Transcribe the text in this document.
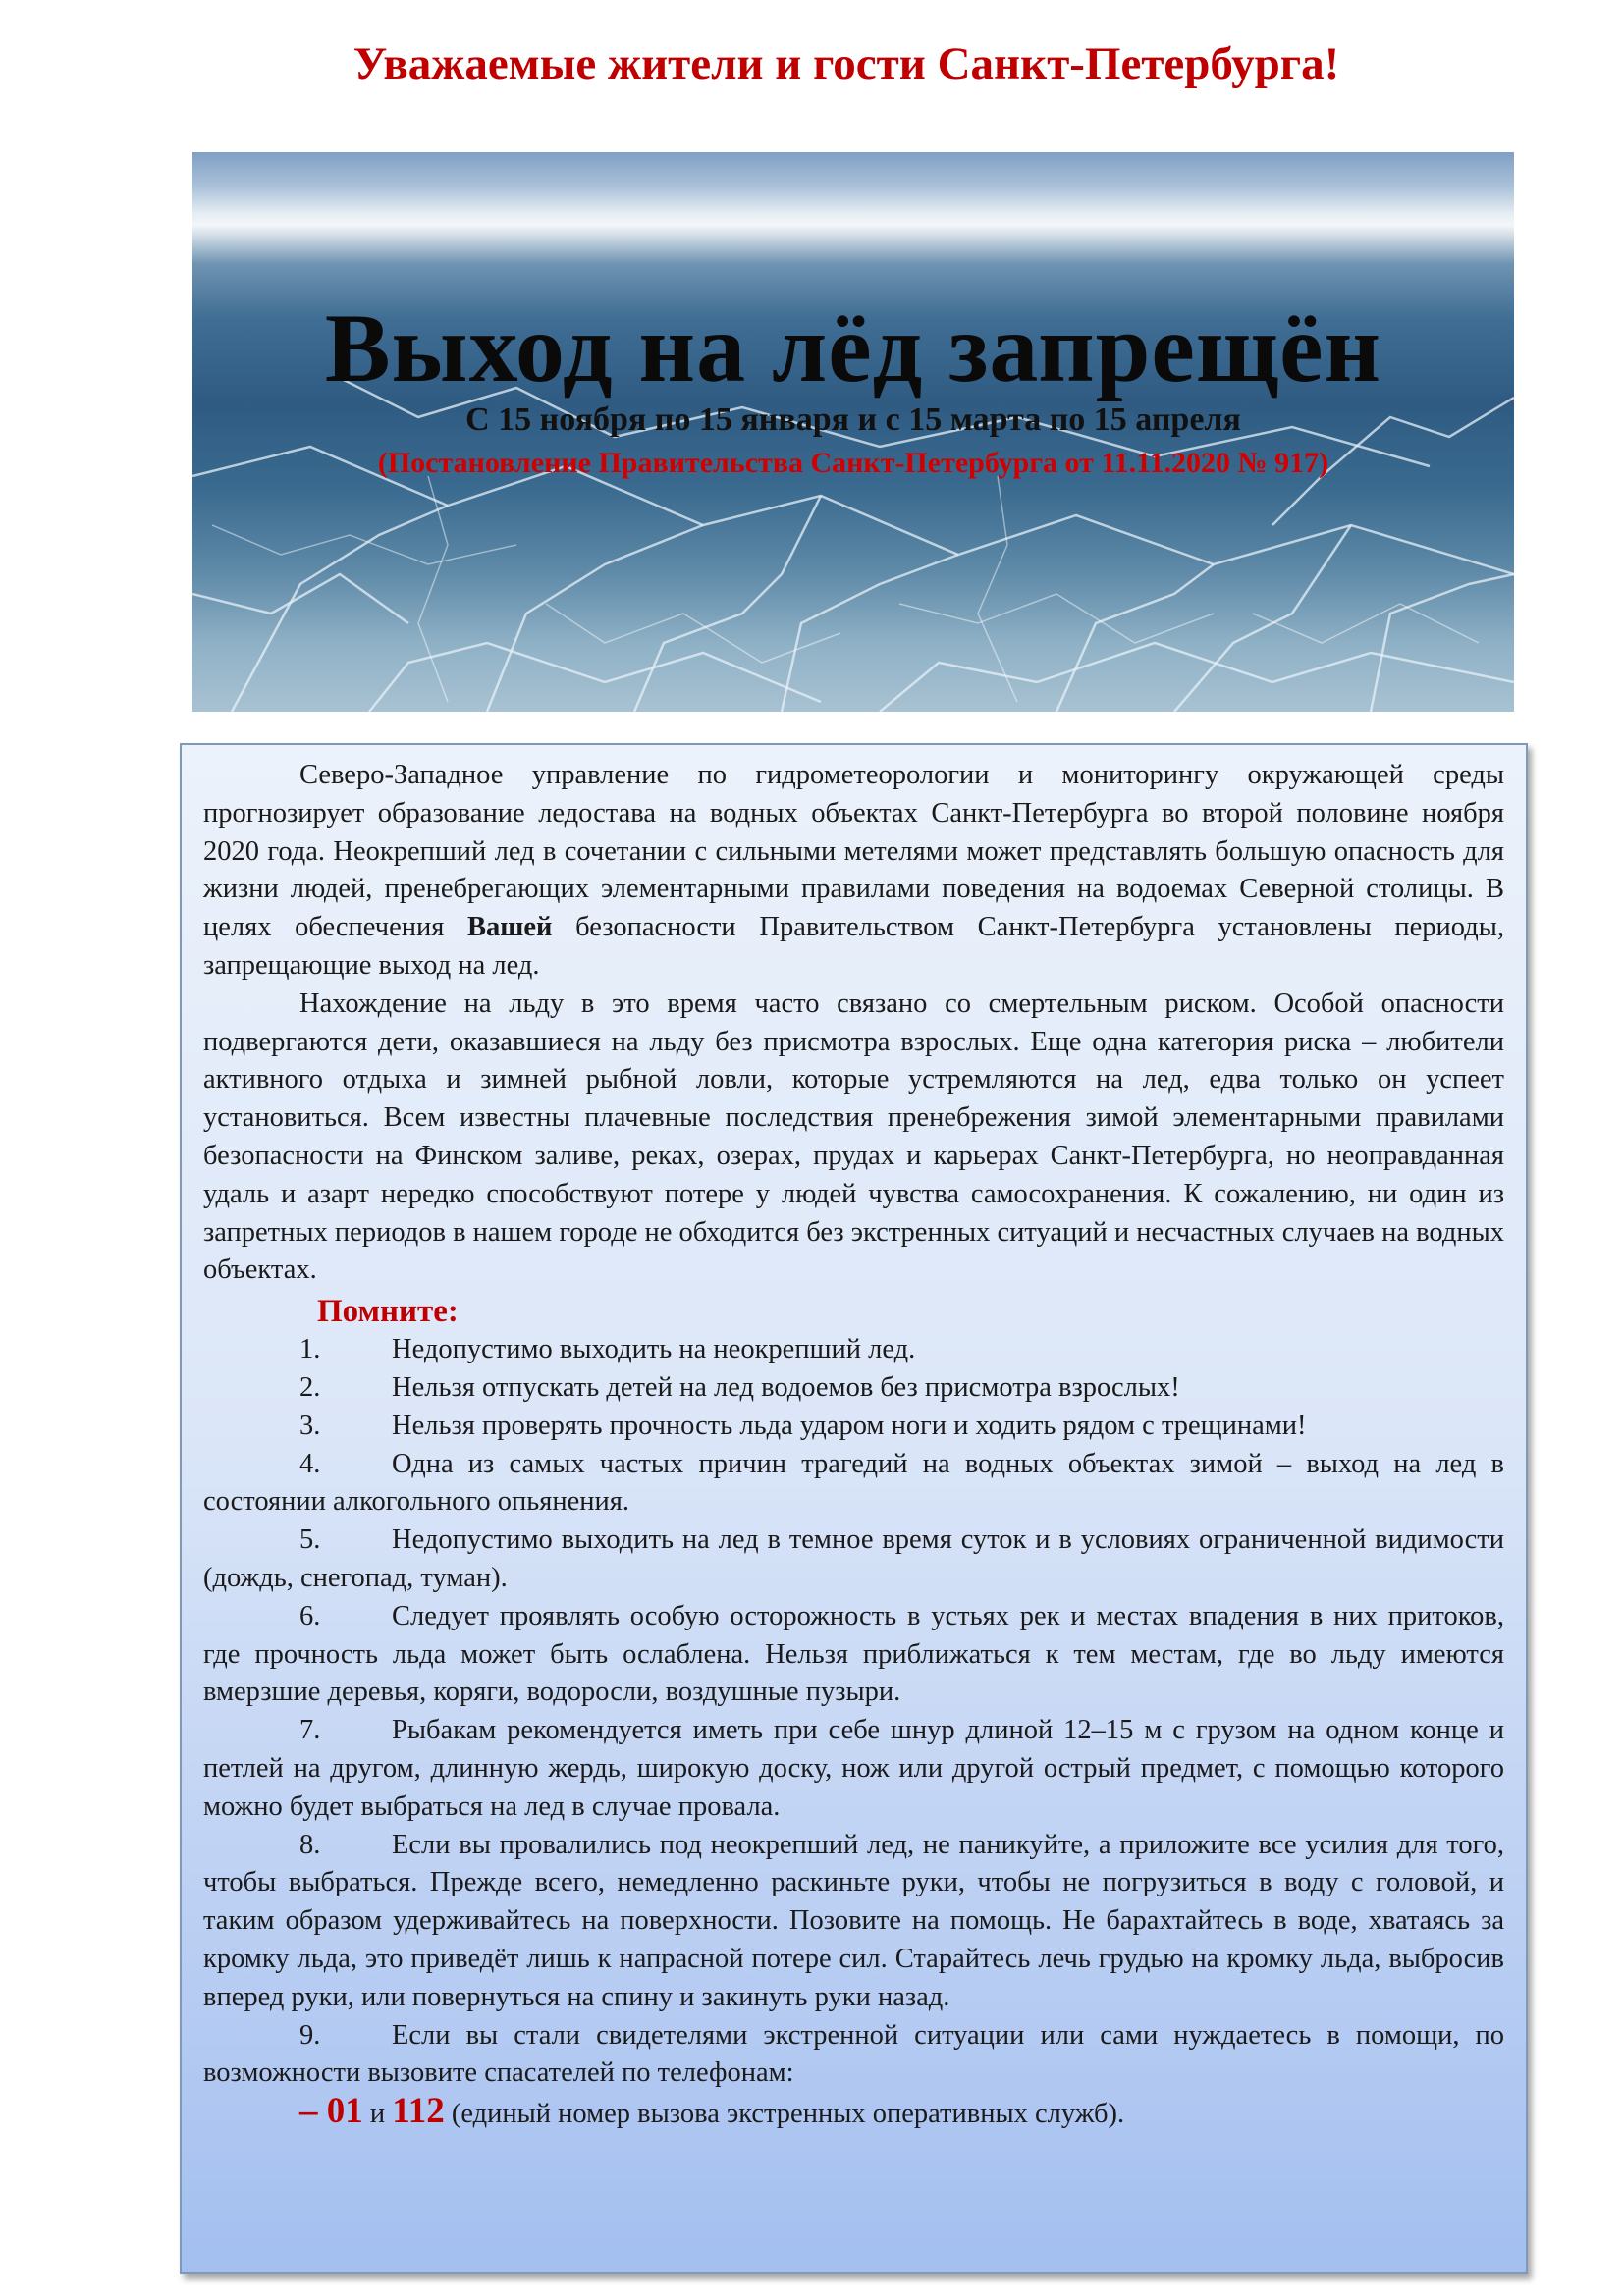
Уважаемые жители и гости Санкт-Петербурга!
Выход на лёд запрещён
С 15 ноября по 15 января и с 15 марта по 15 апреля
(Постановление Правительства Санкт-Петербурга от 11.11.2020 № 917)

Северо-Западное управление по гидрометеорологии и мониторингу окружающей среды прогнозирует образование ледостава на водных объектах Санкт-Петербурга во второй половине ноября 2020 года. Неокрепший лед в сочетании с сильными метелями может представлять большую опасность для жизни людей, пренебрегающих элементарными правилами поведения на водоемах Северной столицы. В целях обеспечения Вашей безопасности Правительством Санкт-Петербурга установлены периоды, запрещающие выход на лед.

Нахождение на льду в это время часто связано со смертельным риском. Особой опасности подвергаются дети, оказавшиеся на льду без присмотра взрослых. Еще одна категория риска – любители активного отдыха и зимней рыбной ловли, которые устремляются на лед, едва только он успеет установиться. Всем известны плачевные последствия пренебрежения зимой элементарными правилами безопасности на Финском заливе, реках, озерах, прудах и карьерах Санкт-Петербурга, но неоправданная удаль и азарт нередко способствуют потере у людей чувства самосохранения. К сожалению, ни один из запретных периодов в нашем городе не обходится без экстренных ситуаций и несчастных случаев на водных объектах.

Помните:

1.	Недопустимо выходить на неокрепший лед.

2.	Нельзя отпускать детей на лед водоемов без присмотра взрослых!

3.	Нельзя проверять прочность льда ударом ноги и ходить рядом с трещинами!

4.	Одна из самых частых причин трагедий на водных объектах зимой – выход на лед в состоянии алкогольного опьянения.

5.	Недопустимо выходить на лед в темное время суток и в условиях ограниченной видимости (дождь, снегопад, туман).

6.	Следует проявлять особую осторожность в устьях рек и местах впадения в них притоков, где прочность льда может быть ослаблена. Нельзя приближаться к тем местам, где во льду имеются вмерзшие деревья, коряги, водоросли, воздушные пузыри.

7.	Рыбакам рекомендуется иметь при себе шнур длиной 12–15 м с грузом на одном конце и петлей на другом, длинную жердь, широкую доску, нож или другой острый предмет, с помощью которого можно будет выбраться на лед в случае провала.

8.	Если вы провалились под неокрепший лед, не паникуйте, а приложите все усилия для того, чтобы выбраться. Прежде всего, немедленно раскиньте руки, чтобы не погрузиться в воду с головой, и таким образом удерживайтесь на поверхности. Позовите на помощь. Не барахтайтесь в воде, хватаясь за кромку льда, это приведёт лишь к напрасной потере сил. Старайтесь лечь грудью на кромку льда, выбросив вперед руки, или повернуться на спину и закинуть руки назад.

9.	Если вы стали свидетелями экстренной ситуации или сами нуждаетесь в помощи, по возможности вызовите спасателей по телефонам:

– 01 и 112 (единый номер вызова экстренных оперативных служб).
